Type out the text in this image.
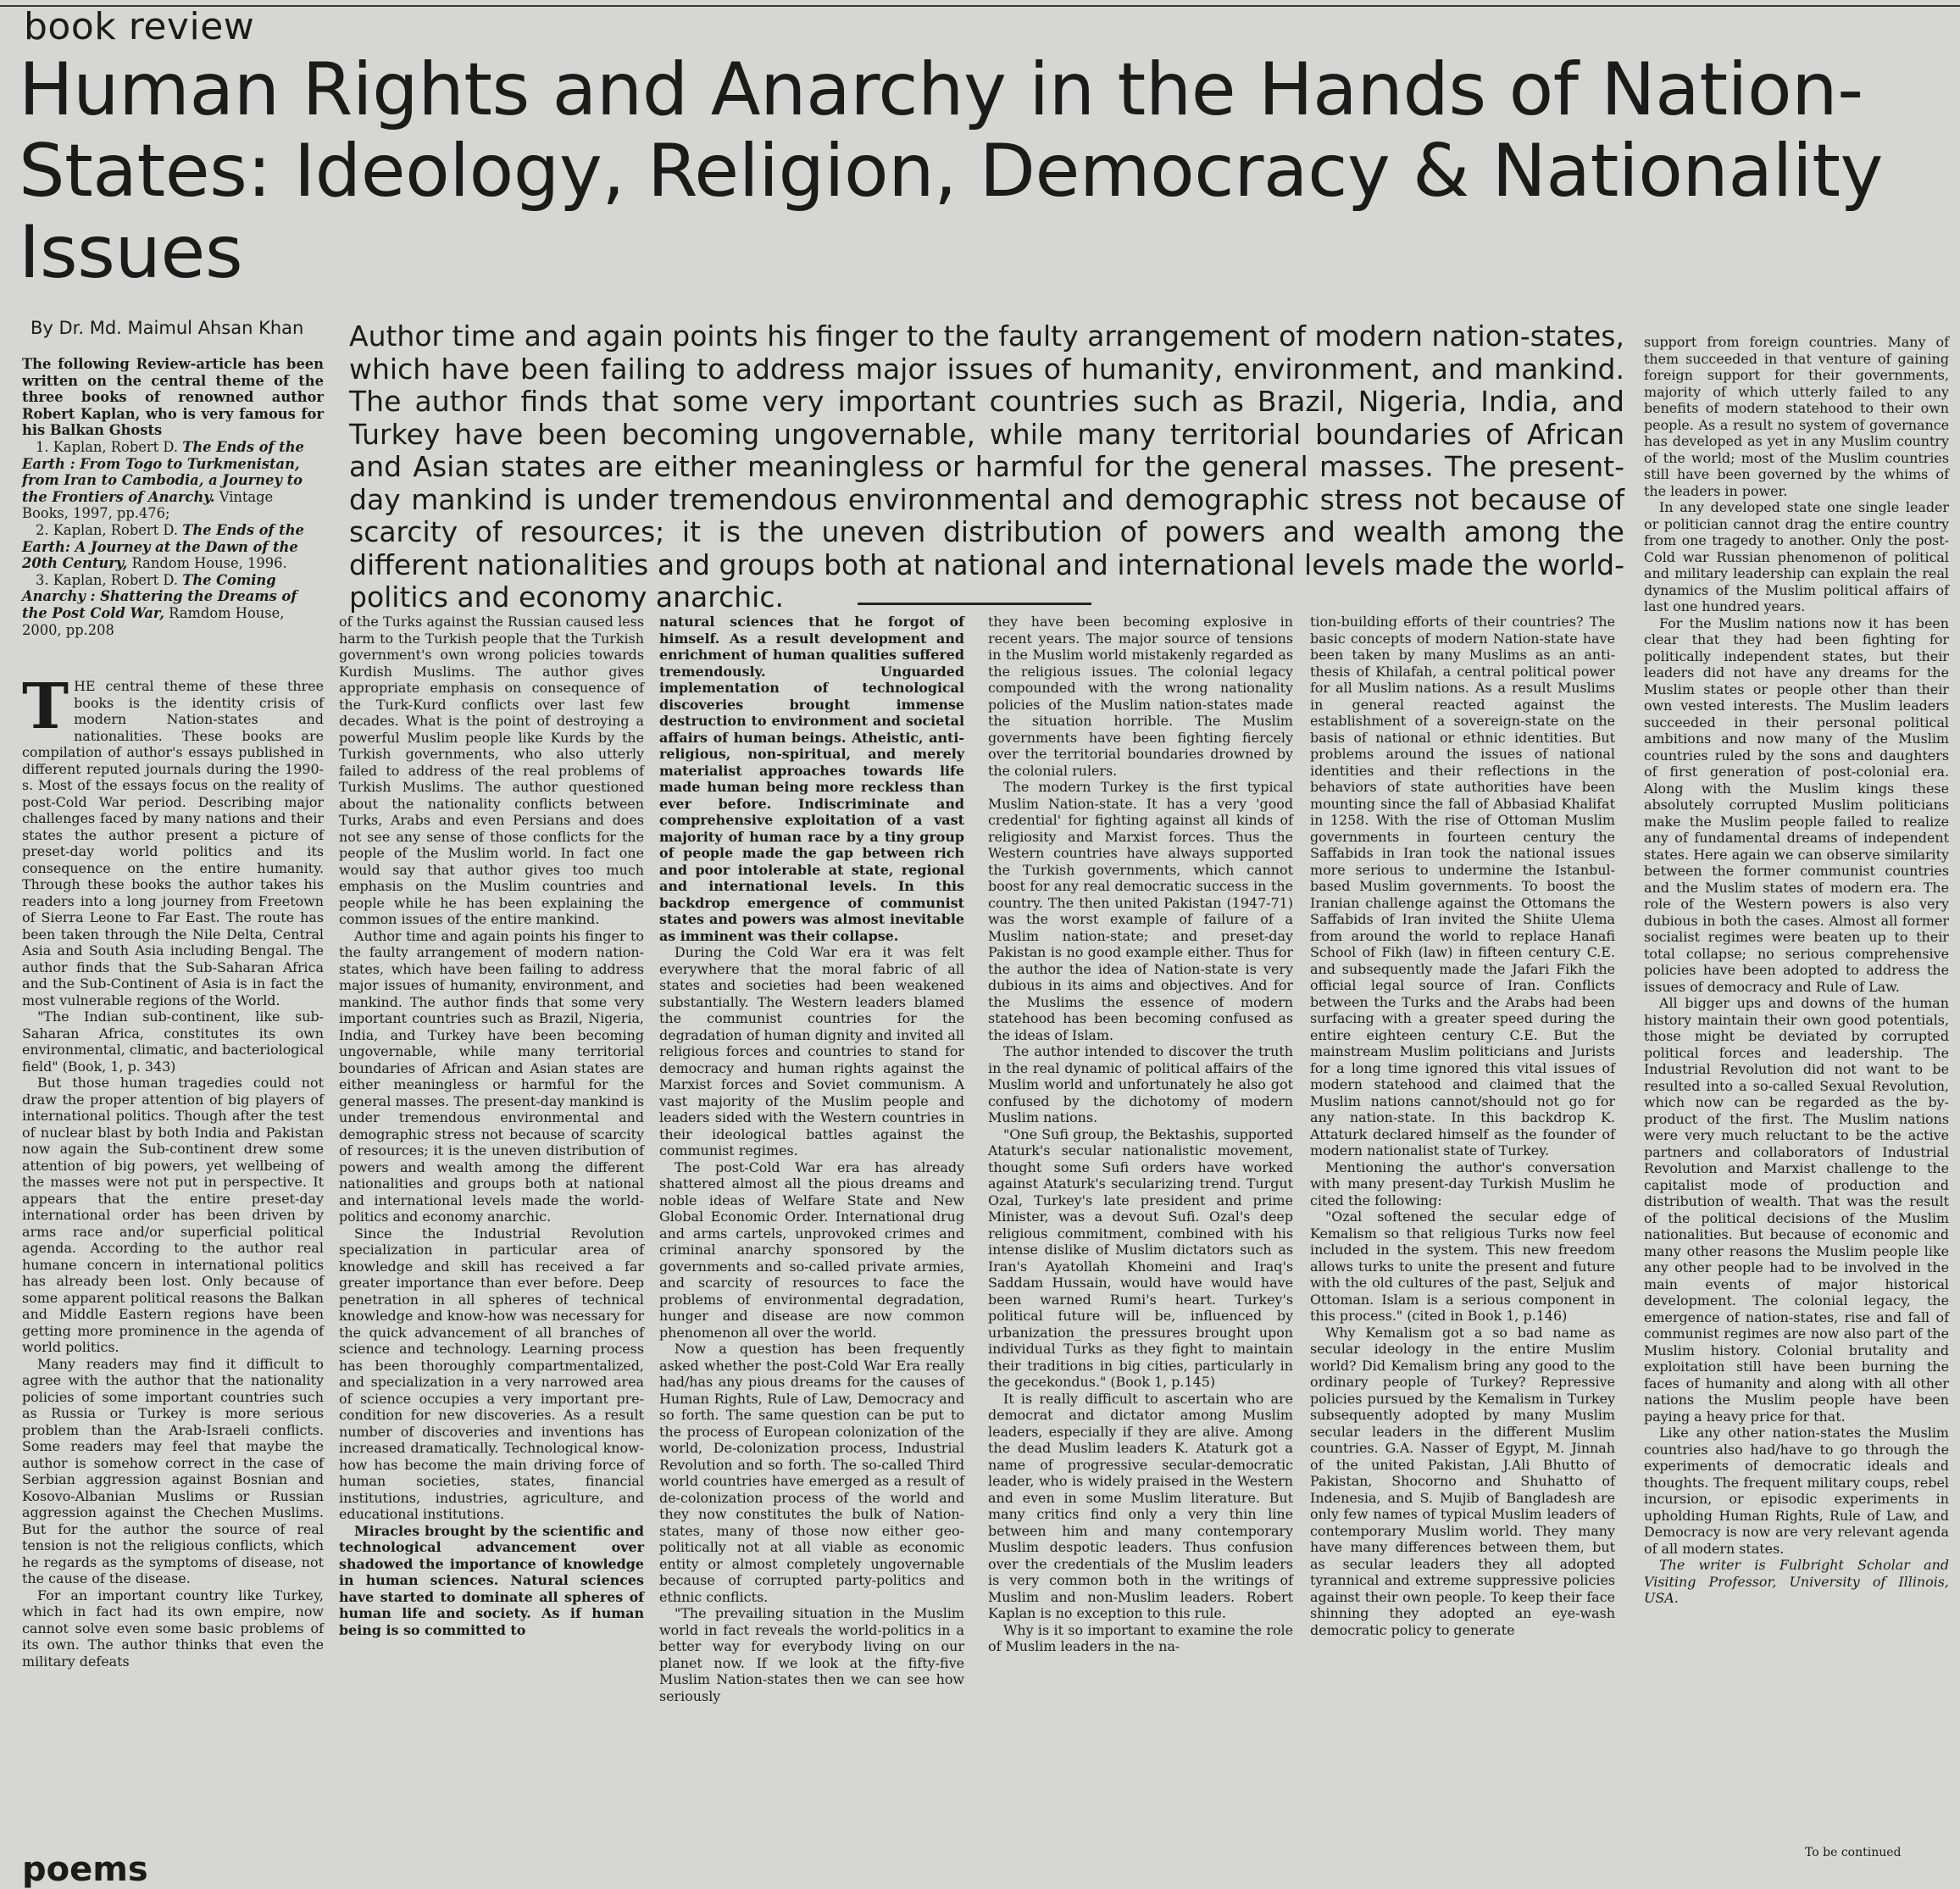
book review
Human Rights and Anarchy in the Hands of Nation-States: Ideology, Religion, Democracy & Nationality Issues
By Dr. Md. Maimul Ahsan Khan Author time and again points his finger to the faulty arrangement of modern nation-states, which have been failing to address major issues of humanity, environment, and mankind. The author finds that some very important countries such as Brazil, Nigeria, India, and Turkey have been becoming ungovernable, while many territorial boundaries of African and Asian states are either meaningless or harmful for the general masses. The present-day mankind is under tremendous environmental and demographic stress not because of scarcity of resources; it is the uneven distribution of powers and wealth among the different nationalities and groups both at national and international levels made the world-politics and economy anarchic.

The following Review-article has been written on the central theme of the three books of renowned author Robert Kaplan, who is very famous for his Balkan Ghosts

1. Kaplan, Robert D. The Ends of the Earth : From Togo to Turkmenistan, from Iran to Cambodia, a Journey to the Frontiers of Anarchy. Vintage Books, 1997, pp.476;

2. Kaplan, Robert D. The Ends of the Earth: A Journey at the Dawn of the 20th Century, Random House, 1996.

3. Kaplan, Robert D. The Coming Anarchy : Shattering the Dreams of the Post Cold War, Ramdom House, 2000, pp.208

THE central theme of these three books is the identity crisis of modern Nation-states and nationalities. These books are compilation of author's essays published in different reputed journals during the 1990-s. Most of the essays focus on the reality of post-Cold War period. Describing major challenges faced by many nations and their states the author present a picture of preset-day world politics and its consequence on the entire humanity. Through these books the author takes his readers into a long journey from Freetown of Sierra Leone to Far East. The route has been taken through the Nile Delta, Central Asia and South Asia including Bengal. The author finds that the Sub-Saharan Africa and the Sub-Continent of Asia is in fact the most vulnerable regions of the World.

"The Indian sub-continent, like sub-Saharan Africa, constitutes its own environmental, climatic, and bacteriological field" (Book, 1, p. 343)

But those human tragedies could not draw the proper attention of big players of international politics. Though after the test of nuclear blast by both India and Pakistan now again the Sub-continent drew some attention of big powers, yet wellbeing of the masses were not put in perspective. It appears that the entire preset-day international order has been driven by arms race and/or superficial political agenda. According to the author real humane concern in international politics has already been lost. Only because of some apparent political reasons the Balkan and Middle Eastern regions have been getting more prominence in the agenda of world politics.

Many readers may find it difficult to agree with the author that the nationality policies of some important countries such as Russia or Turkey is more serious problem than the Arab-Israeli conflicts. Some readers may feel that maybe the author is somehow correct in the case of Serbian aggression against Bosnian and Kosovo-Albanian Muslims or Russian aggression against the Chechen Muslims. But for the author the source of real tension is not the religious conflicts, which he regards as the symptoms of disease, not the cause of the disease.

For an important country like Turkey, which in fact had its own empire, now cannot solve even some basic problems of its own. The author thinks that even the military defeats

of the Turks against the Russian caused less harm to the Turkish people that the Turkish government's own wrong policies towards Kurdish Muslims. The author gives appropriate emphasis on consequence of the Turk-Kurd conflicts over last few decades. What is the point of destroying a powerful Muslim people like Kurds by the Turkish governments, who also utterly failed to address of the real problems of Turkish Muslims. The author questioned about the nationality conflicts between Turks, Arabs and even Persians and does not see any sense of those conflicts for the people of the Muslim world. In fact one would say that author gives too much emphasis on the Muslim countries and people while he has been explaining the common issues of the entire mankind.

Author time and again points his finger to the faulty arrangement of modern nation-states, which have been failing to address major issues of humanity, environment, and mankind. The author finds that some very important countries such as Brazil, Nigeria, India, and Turkey have been becoming ungovernable, while many territorial boundaries of African and Asian states are either meaningless or harmful for the general masses. The present-day mankind is under tremendous environmental and demographic stress not because of scarcity of resources; it is the uneven distribution of powers and wealth among the different nationalities and groups both at national and international levels made the world-politics and economy anarchic.

Since the Industrial Revolution specialization in particular area of knowledge and skill has received a far greater importance than ever before. Deep penetration in all spheres of technical knowledge and know-how was necessary for the quick advancement of all branches of science and technology. Learning process has been thoroughly compartmentalized, and specialization in a very narrowed area of science occupies a very important pre-condition for new discoveries. As a result number of discoveries and inventions has increased dramatically. Technological know-how has become the main driving force of human societies, states, financial institutions, industries, agriculture, and educational institutions.

Miracles brought by the scientific and technological advancement over shadowed the importance of knowledge in human sciences. Natural sciences have started to dominate all spheres of human life and society. As if human being is so committed to

natural sciences that he forgot of himself. As a result development and enrichment of human qualities suffered tremendously. Unguarded implementation of technological discoveries brought immense destruction to environment and societal affairs of human beings. Atheistic, anti-religious, non-spiritual, and merely materialist approaches towards life made human being more reckless than ever before. Indiscriminate and comprehensive exploitation of a vast majority of human race by a tiny group of people made the gap between rich and poor intolerable at state, regional and international levels. In this backdrop emergence of communist states and powers was almost inevitable as imminent was their collapse.

During the Cold War era it was felt everywhere that the moral fabric of all states and societies had been weakened substantially. The Western leaders blamed the communist countries for the degradation of human dignity and invited all religious forces and countries to stand for democracy and human rights against the Marxist forces and Soviet communism. A vast majority of the Muslim people and leaders sided with the Western countries in their ideological battles against the communist regimes.

The post-Cold War era has already shattered almost all the pious dreams and noble ideas of Welfare State and New Global Economic Order. International drug and arms cartels, unprovoked crimes and criminal anarchy sponsored by the governments and so-called private armies, and scarcity of resources to face the problems of environmental degradation, hunger and disease are now common phenomenon all over the world.

Now a question has been frequently asked whether the post-Cold War Era really had/has any pious dreams for the causes of Human Rights, Rule of Law, Democracy and so forth. The same question can be put to the process of European colonization of the world, De-colonization process, Industrial Revolution and so forth. The so-called Third world countries have emerged as a result of de-colonization process of the world and they now constitutes the bulk of Nation-states, many of those now either geo-politically not at all viable as economic entity or almost completely ungovernable because of corrupted party-politics and ethnic conflicts.

"The prevailing situation in the Muslim world in fact reveals the world-politics in a better way for everybody living on our planet now. If we look at the fifty-five Muslim Nation-states then we can see how seriously

they have been becoming explosive in recent years. The major source of tensions in the Muslim world mistakenly regarded as the religious issues. The colonial legacy compounded with the wrong nationality policies of the Muslim nation-states made the situation horrible. The Muslim governments have been fighting fiercely over the territorial boundaries drowned by the colonial rulers.

The modern Turkey is the first typical Muslim Nation-state. It has a very 'good credential' for fighting against all kinds of religiosity and Marxist forces. Thus the Western countries have always supported the Turkish governments, which cannot boost for any real democratic success in the country. The then united Pakistan (1947-71) was the worst example of failure of a Muslim nation-state; and preset-day Pakistan is no good example either. Thus for the author the idea of Nation-state is very dubious in its aims and objectives. And for the Muslims the essence of modern statehood has been becoming confused as the ideas of Islam.

The author intended to discover the truth in the real dynamic of political affairs of the Muslim world and unfortunately he also got confused by the dichotomy of modern Muslim nations.

"One Sufi group, the Bektashis, supported Ataturk's secular nationalistic movement, thought some Sufi orders have worked against Ataturk's secularizing trend. Turgut Ozal, Turkey's late president and prime Minister, was a devout Sufi. Ozal's deep religious commitment, combined with his intense dislike of Muslim dictators such as Iran's Ayatollah Khomeini and Iraq's Saddam Hussain, would have would have been warned Rumi's heart. Turkey's political future will be, influenced by urbanization_ the pressures brought upon individual Turks as they fight to maintain their traditions in big cities, particularly in the gecekondus." (Book 1, p.145)

It is really difficult to ascertain who are democrat and dictator among Muslim leaders, especially if they are alive. Among the dead Muslim leaders K. Ataturk got a name of progressive secular-democratic leader, who is widely praised in the Western and even in some Muslim literature. But many critics find only a very thin line between him and many contemporary Muslim despotic leaders. Thus confusion over the credentials of the Muslim leaders is very common both in the writings of Muslim and non-Muslim leaders. Robert Kaplan is no exception to this rule.

Why is it so important to examine the role of Muslim leaders in the na-

tion-building efforts of their countries? The basic concepts of modern Nation-state have been taken by many Muslims as an anti-thesis of Khilafah, a central political power for all Muslim nations. As a result Muslims in general reacted against the establishment of a sovereign-state on the basis of national or ethnic identities. But problems around the issues of national identities and their reflections in the behaviors of state authorities have been mounting since the fall of Abbasiad Khalifat in 1258. With the rise of Ottoman Muslim governments in fourteen century the Saffabids in Iran took the national issues more serious to undermine the Istanbul-based Muslim governments. To boost the Iranian challenge against the Ottomans the Saffabids of Iran invited the Shiite Ulema from around the world to replace Hanafi School of Fikh (law) in fifteen century C.E. and subsequently made the Jafari Fikh the official legal source of Iran. Conflicts between the Turks and the Arabs had been surfacing with a greater speed during the entire eighteen century C.E. But the mainstream Muslim politicians and Jurists for a long time ignored this vital issues of modern statehood and claimed that the Muslim nations cannot/should not go for any nation-state. In this backdrop K. Attaturk declared himself as the founder of modern nationalist state of Turkey.

Mentioning the author's conversation with many present-day Turkish Muslim he cited the following:

"Ozal softened the secular edge of Kemalism so that religious Turks now feel included in the system. This new freedom allows turks to unite the present and future with the old cultures of the past, Seljuk and Ottoman. Islam is a serious component in this process." (cited in Book 1, p.146)

Why Kemalism got a so bad name as secular ideology in the entire Muslim world? Did Kemalism bring any good to the ordinary people of Turkey? Repressive policies pursued by the Kemalism in Turkey subsequently adopted by many Muslim secular leaders in the different Muslim countries. G.A. Nasser of Egypt, M. Jinnah of the united Pakistan, J.Ali Bhutto of Pakistan, Shocorno and Shuhatto of Indenesia, and S. Mujib of Bangladesh are only few names of typical Muslim leaders of contemporary Muslim world. They many have many differences between them, but as secular leaders they all adopted tyrannical and extreme suppressive policies against their own people. To keep their face shinning they adopted an eye-wash democratic policy to generate

support from foreign countries. Many of them succeeded in that venture of gaining foreign support for their governments, majority of which utterly failed to any benefits of modern statehood to their own people. As a result no system of governance has developed as yet in any Muslim country of the world; most of the Muslim countries still have been governed by the whims of the leaders in power.

In any developed state one single leader or politician cannot drag the entire country from one tragedy to another. Only the post-Cold war Russian phenomenon of political and military leadership can explain the real dynamics of the Muslim political affairs of last one hundred years.

For the Muslim nations now it has been clear that they had been fighting for politically independent states, but their leaders did not have any dreams for the Muslim states or people other than their own vested interests. The Muslim leaders succeeded in their personal political ambitions and now many of the Muslim countries ruled by the sons and daughters of first generation of post-colonial era. Along with the Muslim kings these absolutely corrupted Muslim politicians make the Muslim people failed to realize any of fundamental dreams of independent states. Here again we can observe similarity between the former communist countries and the Muslim states of modern era. The role of the Western powers is also very dubious in both the cases. Almost all former socialist regimes were beaten up to their total collapse; no serious comprehensive policies have been adopted to address the issues of democracy and Rule of Law.

All bigger ups and downs of the human history maintain their own good potentials, those might be deviated by corrupted political forces and leadership. The Industrial Revolution did not want to be resulted into a so-called Sexual Revolution, which now can be regarded as the by-product of the first. The Muslim nations were very much reluctant to be the active partners and collaborators of Industrial Revolution and Marxist challenge to the capitalist mode of production and distribution of wealth. That was the result of the political decisions of the Muslim nationalities. But because of economic and many other reasons the Muslim people like any other people had to be involved in the main events of major historical development. The colonial legacy, the emergence of nation-states, rise and fall of communist regimes are now also part of the Muslim history. Colonial brutality and exploitation still have been burning the faces of humanity and along with all other nations the Muslim people have been paying a heavy price for that.

Like any other nation-states the Muslim countries also had/have to go through the experiments of democratic ideals and thoughts. The frequent military coups, rebel incursion, or episodic experiments in upholding Human Rights, Rule of Law, and Democracy is now are very relevant agenda of all modern states.

The writer is Fulbright Scholar and Visiting Professor, University of Illinois, USA.

To be continued
poems
